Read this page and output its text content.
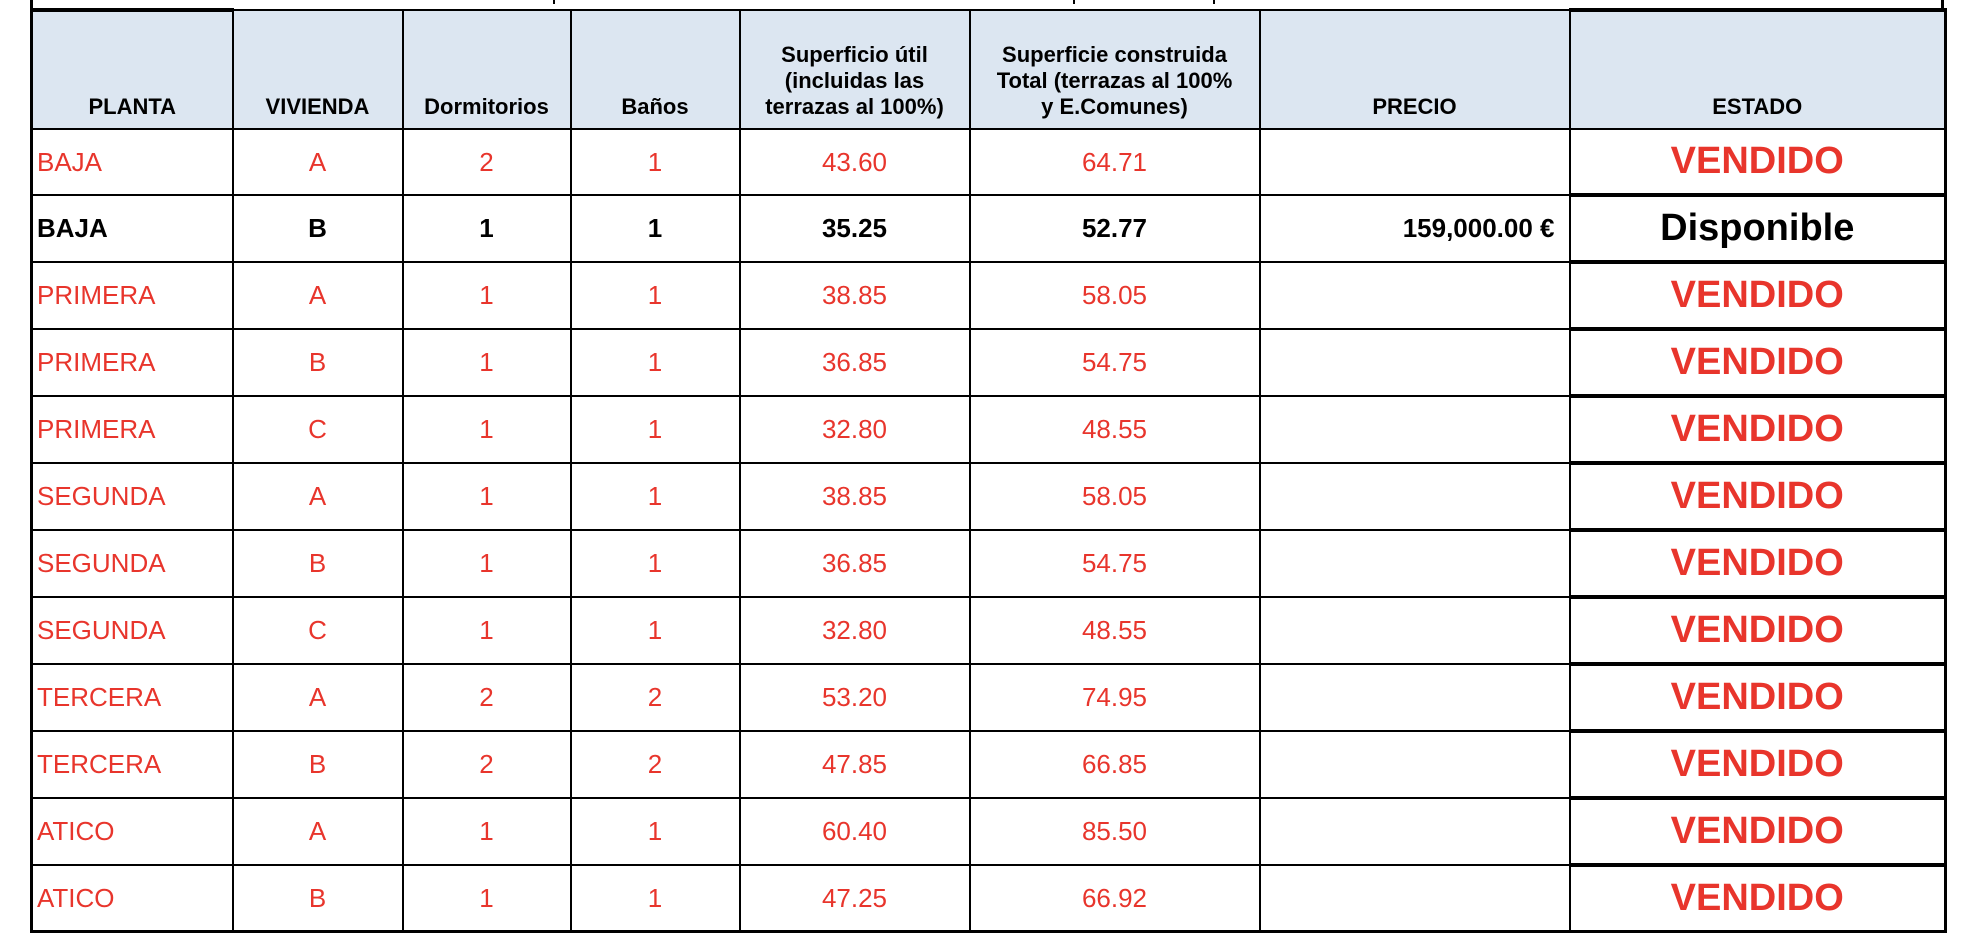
PLANTA	VIVIENDA	Dormitorios	Baños	Superficio útil
(incluidas las
terrazas al 100%)	Superficie construida
Total (terrazas al 100%
y E.Comunes)	PRECIO	ESTADO
BAJA	A	2	1	43.60	64.71		VENDIDO
BAJA	B	1	1	35.25	52.77	159,000.00 €	Disponible
PRIMERA	A	1	1	38.85	58.05		VENDIDO
PRIMERA	B	1	1	36.85	54.75		VENDIDO
PRIMERA	C	1	1	32.80	48.55		VENDIDO
SEGUNDA	A	1	1	38.85	58.05		VENDIDO
SEGUNDA	B	1	1	36.85	54.75		VENDIDO
SEGUNDA	C	1	1	32.80	48.55		VENDIDO
TERCERA	A	2	2	53.20	74.95		VENDIDO
TERCERA	B	2	2	47.85	66.85		VENDIDO
ATICO	A	1	1	60.40	85.50		VENDIDO
ATICO	B	1	1	47.25	66.92		VENDIDO
